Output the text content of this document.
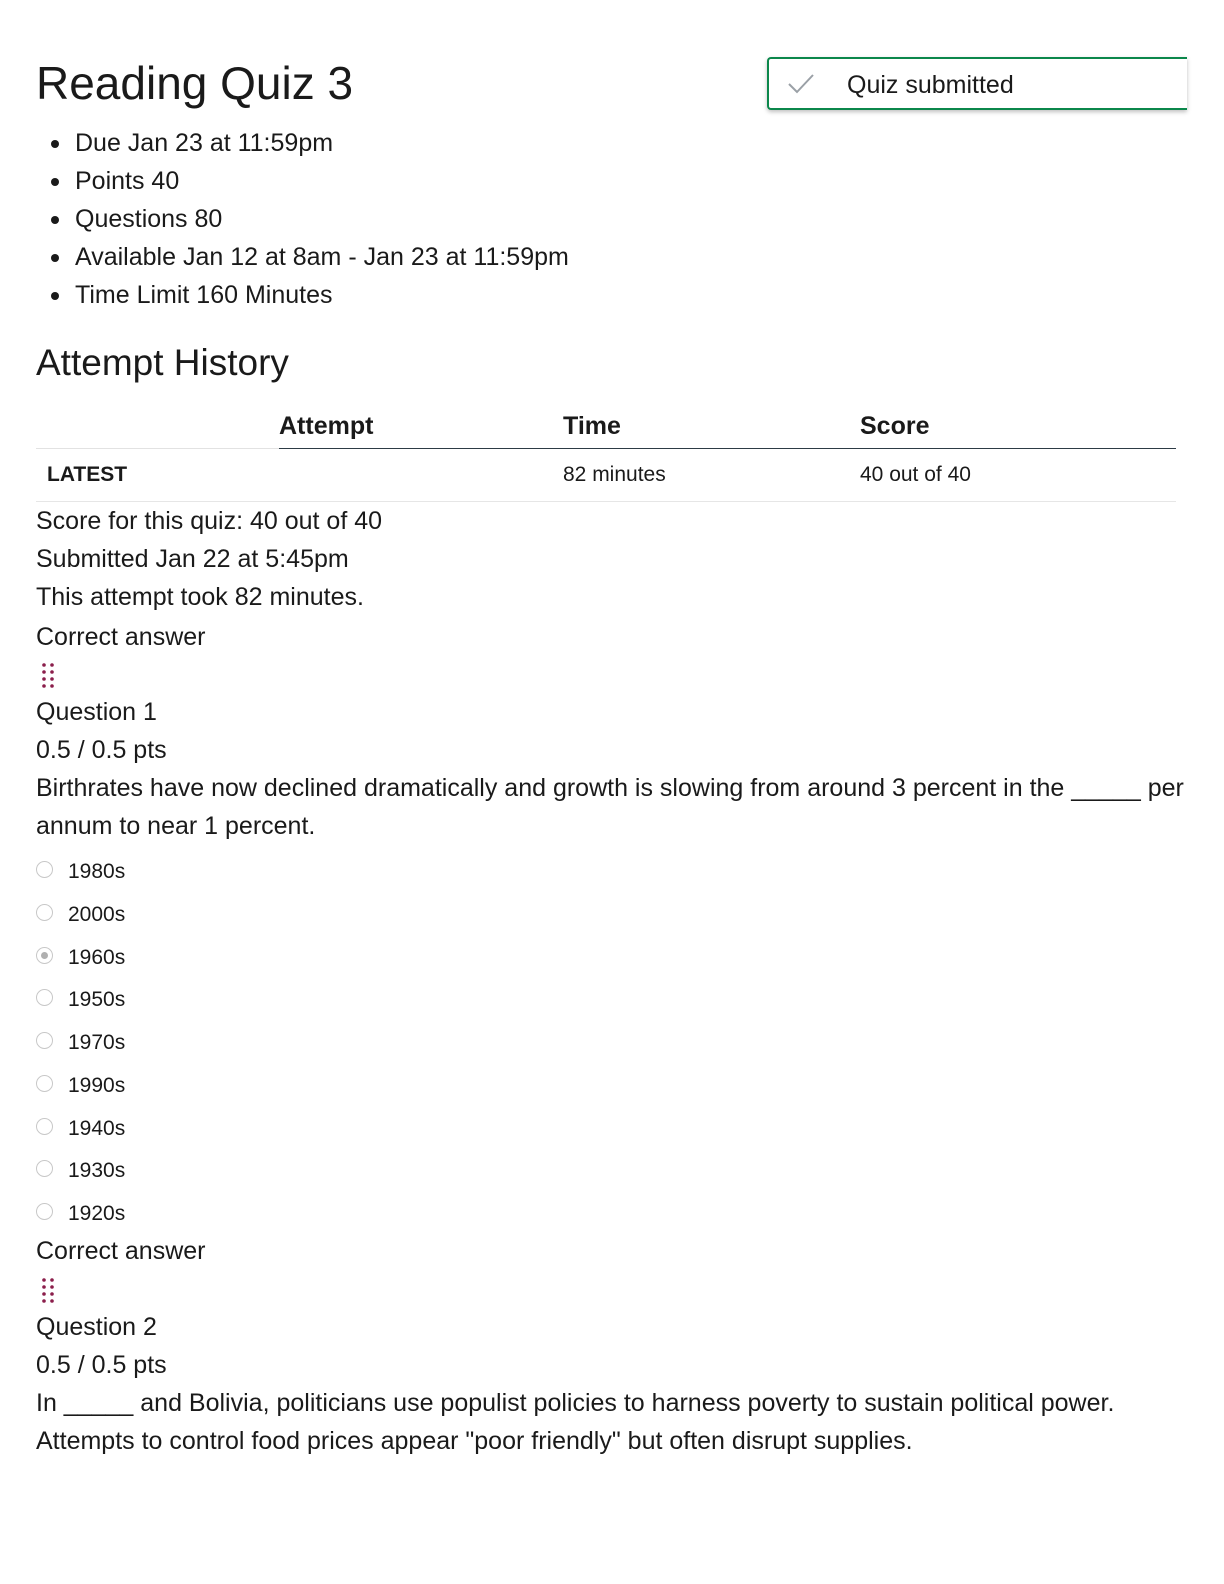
Reading Quiz 3	Quiz submitted
Due Jan 23 at 11:59pm
Points 40
Questions 80
Available Jan 12 at 8am - Jan 23 at 11:59pm
Time Limit 160 Minutes
Attempt History
	Attempt	Time	Score
LATEST		82 minutes	40 out of 40
Score for this quiz: 40 out of 40
Submitted Jan 22 at 5:45pm
This attempt took 82 minutes.
Correct answer
Question 1
0.5 / 0.5 pts
Birthrates have now declined dramatically and growth is slowing from around 3 percent in the _____ per annum to near 1 percent.
1980s
2000s
1960s
1950s
1970s
1990s
1940s
1930s
1920s
Correct answer
Question 2
0.5 / 0.5 pts
In _____ and Bolivia, politicians use populist policies to harness poverty to sustain political power. Attempts to control food prices appear "poor friendly" but often disrupt supplies.
